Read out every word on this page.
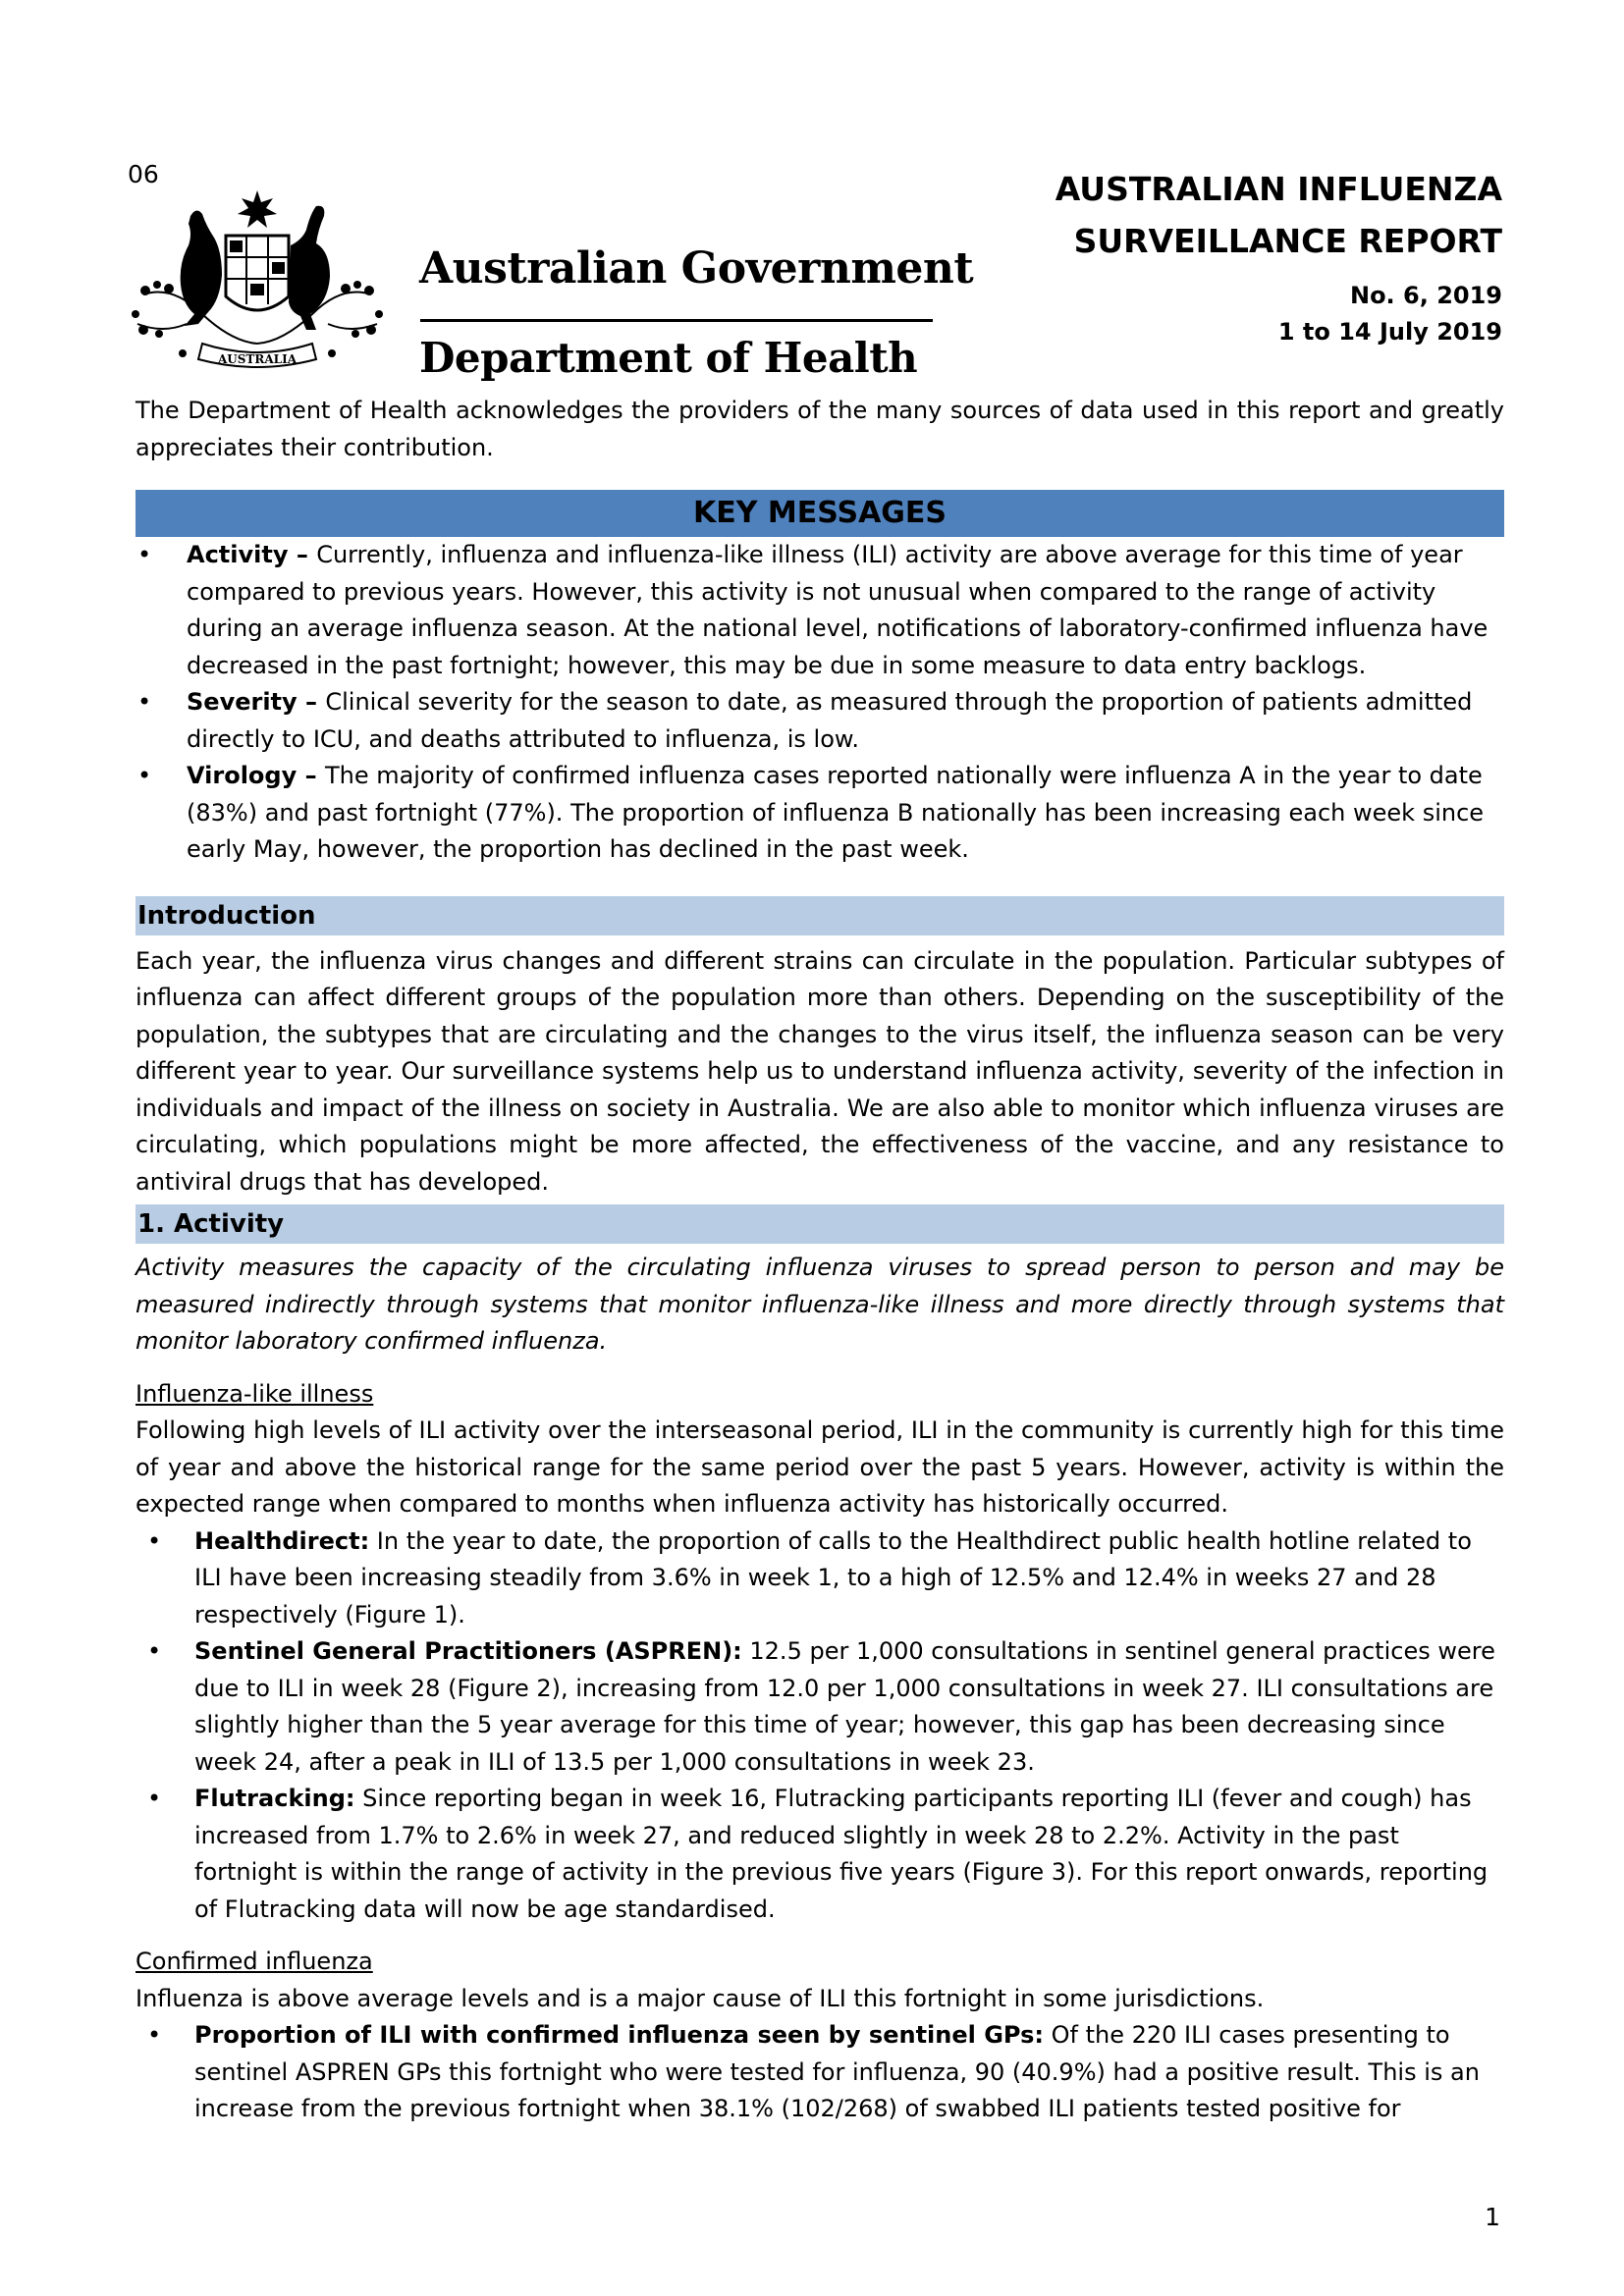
06
AUSTRALIA
Australian Government
Department of Health
AUSTRALIAN INFLUENZA
SURVEILLANCE REPORT
No. 6, 2019
1 to 14 July 2019

The Department of Health acknowledges the providers of the many sources of data used in this report and greatly appreciates their contribution.

KEY MESSAGES
• Activity – Currently, influenza and influenza-like illness (ILI) activity are above average for this time of year compared to previous years. However, this activity is not unusual when compared to the range of activity during an average influenza season. At the national level, notifications of laboratory-confirmed influenza have decreased in the past fortnight; however, this may be due in some measure to data entry backlogs.
• Severity – Clinical severity for the season to date, as measured through the proportion of patients admitted directly to ICU, and deaths attributed to influenza, is low.
• Virology – The majority of confirmed influenza cases reported nationally were influenza A in the year to date (83%) and past fortnight (77%). The proportion of influenza B nationally has been increasing each week since early May, however, the proportion has declined in the past week.
Introduction

Each year, the influenza virus changes and different strains can circulate in the population. Particular subtypes of influenza can affect different groups of the population more than others. Depending on the susceptibility of the population, the subtypes that are circulating and the changes to the virus itself, the influenza season can be very different year to year. Our surveillance systems help us to understand influenza activity, severity of the infection in individuals and impact of the illness on society in Australia. We are also able to monitor which influenza viruses are circulating, which populations might be more affected, the effectiveness of the vaccine, and any resistance to antiviral drugs that has developed.

1. Activity

Activity measures the capacity of the circulating influenza viruses to spread person to person and may be measured indirectly through systems that monitor influenza-like illness and more directly through systems that monitor laboratory confirmed influenza.

Influenza-like illness

Following high levels of ILI activity over the interseasonal period, ILI in the community is currently high for this time of year and above the historical range for the same period over the past 5 years. However, activity is within the expected range when compared to months when influenza activity has historically occurred.

• Healthdirect: In the year to date, the proportion of calls to the Healthdirect public health hotline related to ILI have been increasing steadily from 3.6% in week 1, to a high of 12.5% and 12.4% in weeks 27 and 28 respectively (Figure 1).
• Sentinel General Practitioners (ASPREN): 12.5 per 1,000 consultations in sentinel general practices were due to ILI in week 28 (Figure 2), increasing from 12.0 per 1,000 consultations in week 27. ILI consultations are slightly higher than the 5 year average for this time of year; however, this gap has been decreasing since week 24, after a peak in ILI of 13.5 per 1,000 consultations in week 23.
• Flutracking: Since reporting began in week 16, Flutracking participants reporting ILI (fever and cough) has increased from 1.7% to 2.6% in week 27, and reduced slightly in week 28 to 2.2%. Activity in the past fortnight is within the range of activity in the previous five years (Figure 3). For this report onwards, reporting of Flutracking data will now be age standardised.
Confirmed influenza

Influenza is above average levels and is a major cause of ILI this fortnight in some jurisdictions.

• Proportion of ILI with confirmed influenza seen by sentinel GPs: Of the 220 ILI cases presenting to sentinel ASPREN GPs this fortnight who were tested for influenza, 90 (40.9%) had a positive result. This is an increase from the previous fortnight when 38.1% (102/268) of swabbed ILI patients tested positive for
1
